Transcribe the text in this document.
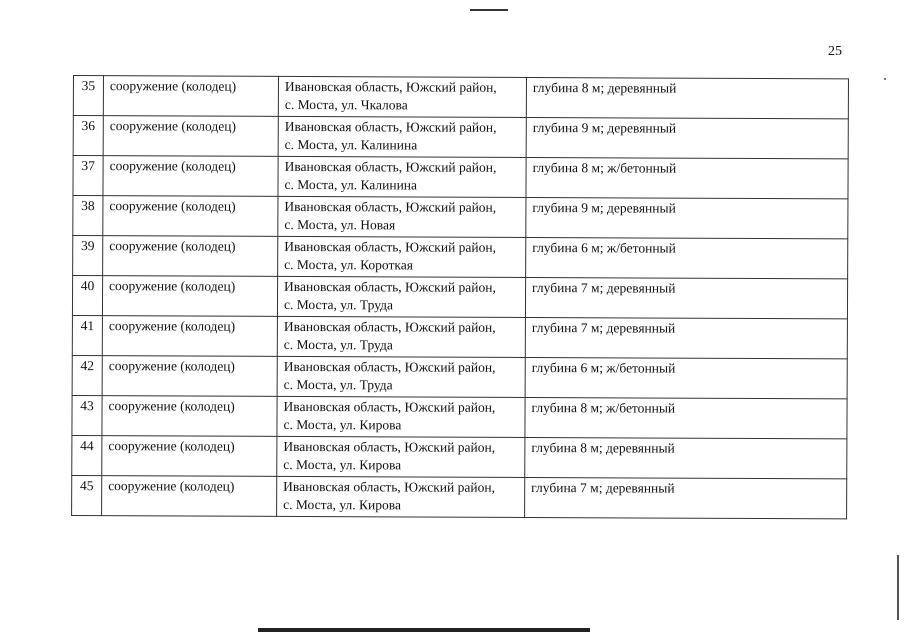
25
35	сооружение (колодец)	Ивановская область, Южский район,
с. Моста, ул. Чкалова	глубина 8 м; деревянный
36	сооружение (колодец)	Ивановская область, Южский район,
с. Моста, ул. Калинина	глубина 9 м; деревянный
37	сооружение (колодец)	Ивановская область, Южский район,
с. Моста, ул. Калинина	глубина 8 м; ж/бетонный
38	сооружение (колодец)	Ивановская область, Южский район,
с. Моста, ул. Новая	глубина 9 м; деревянный
39	сооружение (колодец)	Ивановская область, Южский район,
с. Моста, ул. Короткая	глубина 6 м; ж/бетонный
40	сооружение (колодец)	Ивановская область, Южский район,
с. Моста, ул. Труда	глубина 7 м; деревянный
41	сооружение (колодец)	Ивановская область, Южский район,
с. Моста, ул. Труда	глубина 7 м; деревянный
42	сооружение (колодец)	Ивановская область, Южский район,
с. Моста, ул. Труда	глубина 6 м; ж/бетонный
43	сооружение (колодец)	Ивановская область, Южский район,
с. Моста, ул. Кирова	глубина 8 м; ж/бетонный
44	сооружение (колодец)	Ивановская область, Южский район,
с. Моста, ул. Кирова	глубина 8 м; деревянный
45	сооружение (колодец)	Ивановская область, Южский район,
с. Моста, ул. Кирова	глубина 7 м; деревянный
